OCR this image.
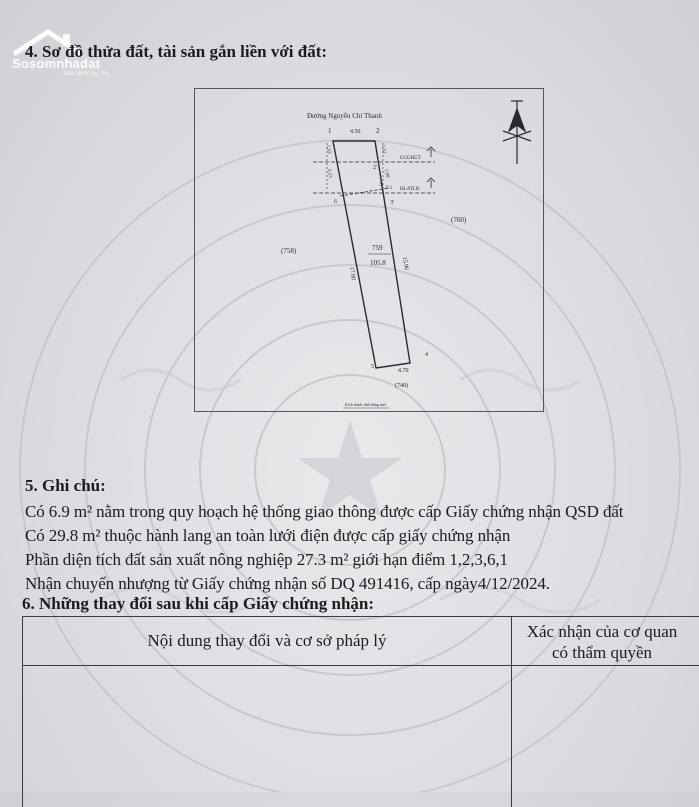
Sosomnhadat
Sàn BĐS Uy Tín
4. Sơ đồ thửa đất, tài sản gắn liền với đất:
Đường Nguyễn Chí Thanh
1	2
2'
3
3'
6
5
4
4.50
4.70
17.80
15.96
1.53
3.33
1.52
1.99
0.1
CGGHGT
HLATLĐ
759
105.8
(758)
(760)
(748)
Kích thước tính bằng mét
5. Ghi chú:
Có 6.9 m² nằm trong quy hoạch hệ thống giao thông được cấp Giấy chứng nhận QSD đất
Có 29.8 m² thuộc hành lang an toàn lưới điện được cấp giấy chứng nhận
Phần diện tích đất sản xuất nông nghiệp 27.3 m² giới hạn điểm 1,2,3,6,1
Nhận chuyển nhượng từ Giấy chứng nhận số DQ 491416, cấp ngày4/12/2024.
6. Những thay đổi sau khi cấp Giấy chứng nhận:
Nội dung thay đổi và cơ sở pháp lý	Xác nhận của cơ quan
có thẩm quyền
